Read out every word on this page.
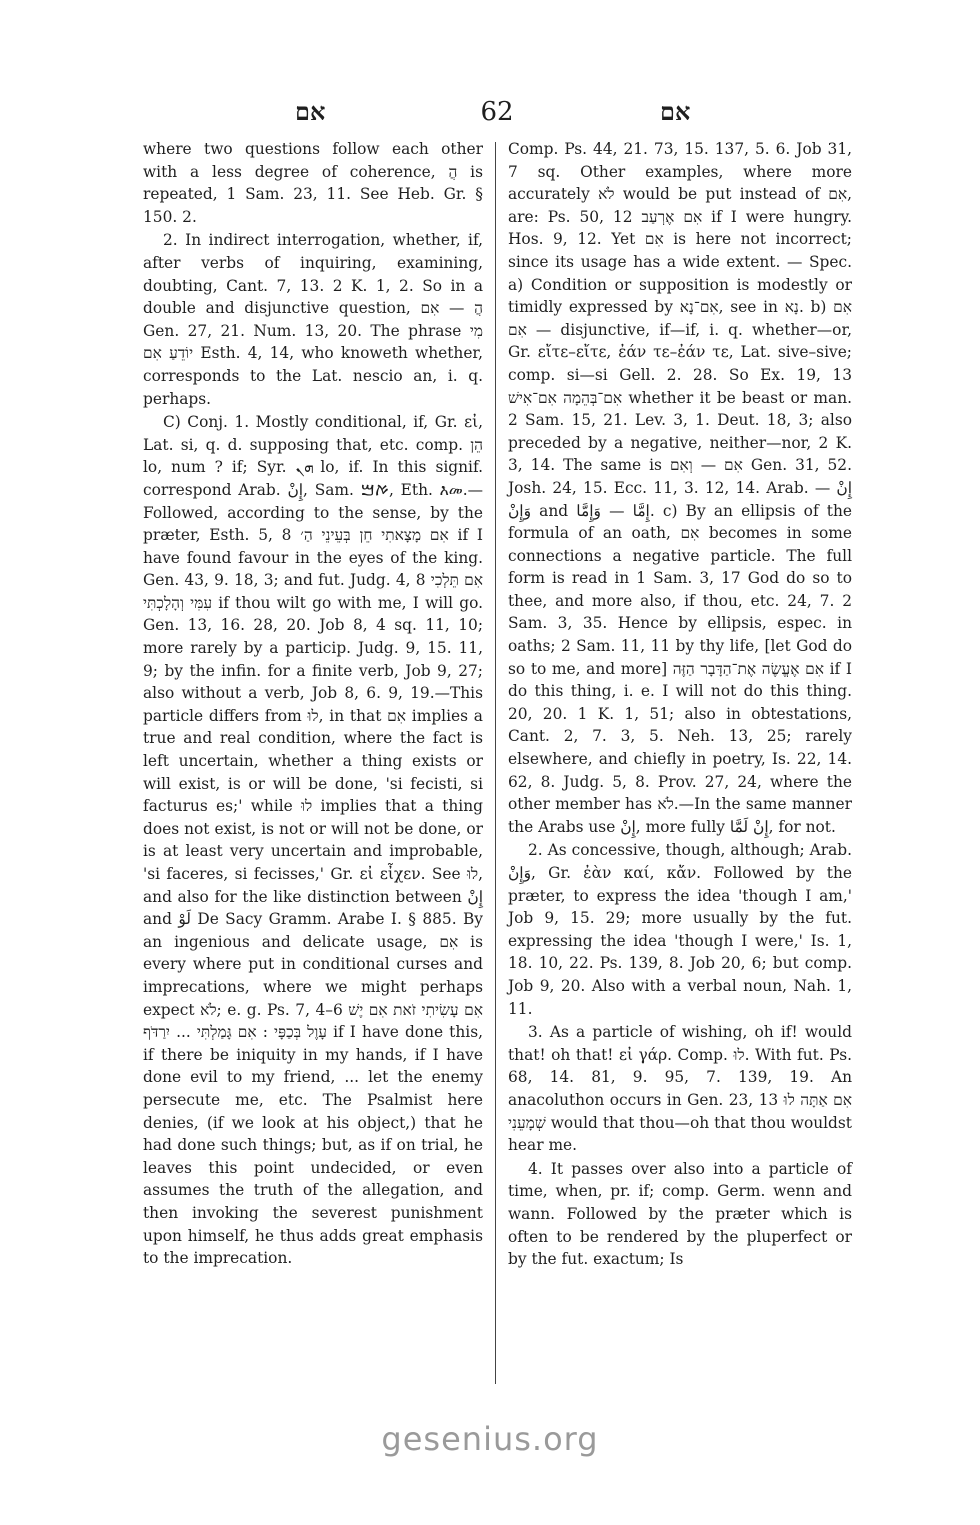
אם	62	אם

where two questions follow each other with a less degree of coherence, הֲ is repeated, 1 Sam. 23, 11. See Heb. Gr. § 150. 2.

2. In indirect interrogation, whether, if, after verbs of inquiring, examining, doubting, Cant. 7, 13. 2 K. 1, 2. So in a double and disjunctive question, הֲ — אִם Gen. 27, 21. Num. 13, 20. The phrase מִי יוֹדֵעַ אִם Esth. 4, 14, who knoweth whether, corresponds to the Lat. nescio an, i. q. perhaps.

C) Conj. 1. Mostly conditional, if, Gr. εἰ, Lat. si, q. d. supposing that, etc. comp. הֵן lo, num ? if; Syr. ܗܢ lo, if. In this signif. correspond Arab. إِنْ, Sam. ࠀࠌ, Eth. እመ.—Followed, according to the sense, by the præter, Esth. 5, 8 אִם מָצָאתִי חֵן בְּעֵינֵי הַ׳ if I have found favour in the eyes of the king. Gen. 43, 9. 18, 3; and fut. Judg. 4, 8 אִם תֵּלְכִי עִמִּי וְהָלָכְתִּי if thou wilt go with me, I will go. Gen. 13, 16. 28, 20. Job 8, 4 sq. 11, 10; more rarely by a particip. Judg. 9, 15. 11, 9; by the infin. for a finite verb, Job 9, 27; also without a verb, Job 8, 6. 9, 19.—This particle differs from לוּ, in that אִם implies a true and real condition, where the fact is left uncertain, whether a thing exists or will exist, is or will be done, 'si fecisti, si facturus es;' while לוּ implies that a thing does not exist, is not or will not be done, or is at least very uncertain and improbable, 'si faceres, si fecisses,' Gr. εἰ εἶχεν. See לוּ, and also for the like distinction between إِنْ and لَوْ De Sacy Gramm. Arabe I. § 885. By an ingenious and delicate usage, אִם is every where put in conditional curses and imprecations, where we might perhaps expect לֹא; e. g. Ps. 7, 4–6 אִם עָשִׂיתִי זֹאת אִם יֶשׁ עָוֶל בְּכַפָּי : אִם גָּמַלְתִּי ... יִרַדֹּף if I have done this, if there be iniquity in my hands, if I have done evil to my friend, ... let the enemy persecute me, etc. The Psalmist here denies, (if we look at his object,) that he had done such things; but, as if on trial, he leaves this point undecided, or even assumes the truth of the allegation, and then invoking the severest punishment upon himself, he thus adds great emphasis to the imprecation.

Comp. Ps. 44, 21. 73, 15. 137, 5. 6. Job 31, 7 sq. Other examples, where more accurately לֹא would be put instead of אִם, are: Ps. 50, 12 אִם אֶרְעַב if I were hungry. Hos. 9, 12. Yet אִם is here not incorrect; since its usage has a wide extent. — Spec. a) Condition or supposition is modestly or timidly expressed by אִם־נָא, see in נָא. b) אִם — אִם disjunctive, if—if, i. q. whether—or, Gr. εἴτε–εἴτε, ἐάν τε–ἐάν τε, Lat. sive–sive; comp. si—si Gell. 2. 28. So Ex. 19, 13 אִם־בְּהֵמָה אִם־אִישׁ whether it be beast or man. 2 Sam. 15, 21. Lev. 3, 1. Deut. 18, 3; also preceded by a negative, neither—nor, 2 K. 3, 14. The same is אִם — וְאִם Gen. 31, 52. Josh. 24, 15. Ecc. 11, 3. 12, 14. Arab. إِنْ — وَإِنْ and إِمَّا — وَإِمَّا. c) By an ellipsis of the formula of an oath, אִם becomes in some connections a negative particle. The full form is read in 1 Sam. 3, 17 God do so to thee, and more also, if thou, etc. 24, 7. 2 Sam. 3, 35. Hence by ellipsis, espec. in oaths; 2 Sam. 11, 11 by thy life, [let God do so to me, and more] אִם אֶעֱשֶׂה אֶת־הַדָּבָר הַזֶּה if I do this thing, i. e. I will not do this thing. 20, 20. 1 K. 1, 51; also in obtestations, Cant. 2, 7. 3, 5. Neh. 13, 25; rarely elsewhere, and chiefly in poetry, Is. 22, 14. 62, 8. Judg. 5, 8. Prov. 27, 24, where the other member has לֹא.—In the same manner the Arabs use إِنْ, more fully إِنْ لَمَّا, for not.

2. As concessive, though, although; Arab. وَإِنْ, Gr. ἐὰν καί, κἄν. Followed by the præter, to express the idea 'though I am,' Job 9, 15. 29; more usually by the fut. expressing the idea 'though I were,' Is. 1, 18. 10, 22. Ps. 139, 8. Job 20, 6; but comp. Job 9, 20. Also with a verbal noun, Nah. 1, 11.

3. As a particle of wishing, oh if! would that! oh that! εἰ γάρ. Comp. לוּ. With fut. Ps. 68, 14. 81, 9. 95, 7. 139, 19. An anacoluthon occurs in Gen. 23, 13 אִם אַתָּה לוּ שְׁמָעֵנִי would that thou—oh that thou wouldst hear me.

4. It passes over also into a particle of time, when, pr. if; comp. Germ. wenn and wann. Followed by the præter which is often to be rendered by the pluperfect or by the fut. exactum; Is

gesenius.org
